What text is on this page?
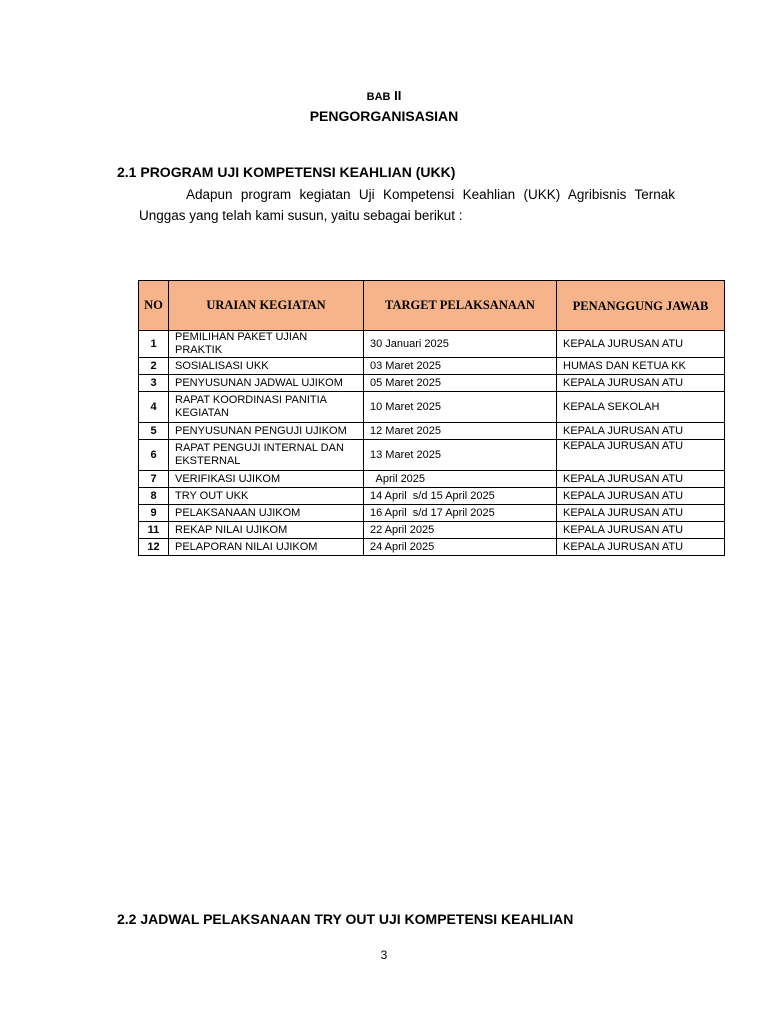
BAB II
PENGORGANISASIAN
2.1 PROGRAM UJI KOMPETENSI KEAHLIAN (UKK)
Adapun program kegiatan Uji Kompetensi Keahlian (UKK) Agribisnis Ternak Unggas yang telah kami susun, yaitu sebagai berikut :
NO	URAIAN KEGIATAN	TARGET PELAKSANAAN	PENANGGUNG JAWAB
1	PEMILIHAN PAKET UJIAN PRAKTIK	30 Januari 2025	KEPALA JURUSAN ATU
2	SOSIALISASI UKK	03 Maret 2025	HUMAS DAN KETUA KK
3	PENYUSUNAN JADWAL UJIKOM	05 Maret 2025	KEPALA JURUSAN ATU
4	RAPAT KOORDINASI PANITIA KEGIATAN	10 Maret 2025	KEPALA SEKOLAH
5	PENYUSUNAN PENGUJI UJIKOM	12 Maret 2025	KEPALA JURUSAN ATU
6	RAPAT PENGUJI INTERNAL DAN EKSTERNAL	13 Maret 2025	KEPALA JURUSAN ATU
7	VERIFIKASI UJIKOM	April 2025	KEPALA JURUSAN ATU
8	TRY OUT UKK	14 April  s/d 15 April 2025	KEPALA JURUSAN ATU
9	PELAKSANAAN UJIKOM	16 April  s/d 17 April 2025	KEPALA JURUSAN ATU
11	REKAP NILAI UJIKOM	22 April 2025	KEPALA JURUSAN ATU
12	PELAPORAN NILAI UJIKOM	24 April 2025	KEPALA JURUSAN ATU
2.2 JADWAL PELAKSANAAN TRY OUT UJI KOMPETENSI KEAHLIAN
3
